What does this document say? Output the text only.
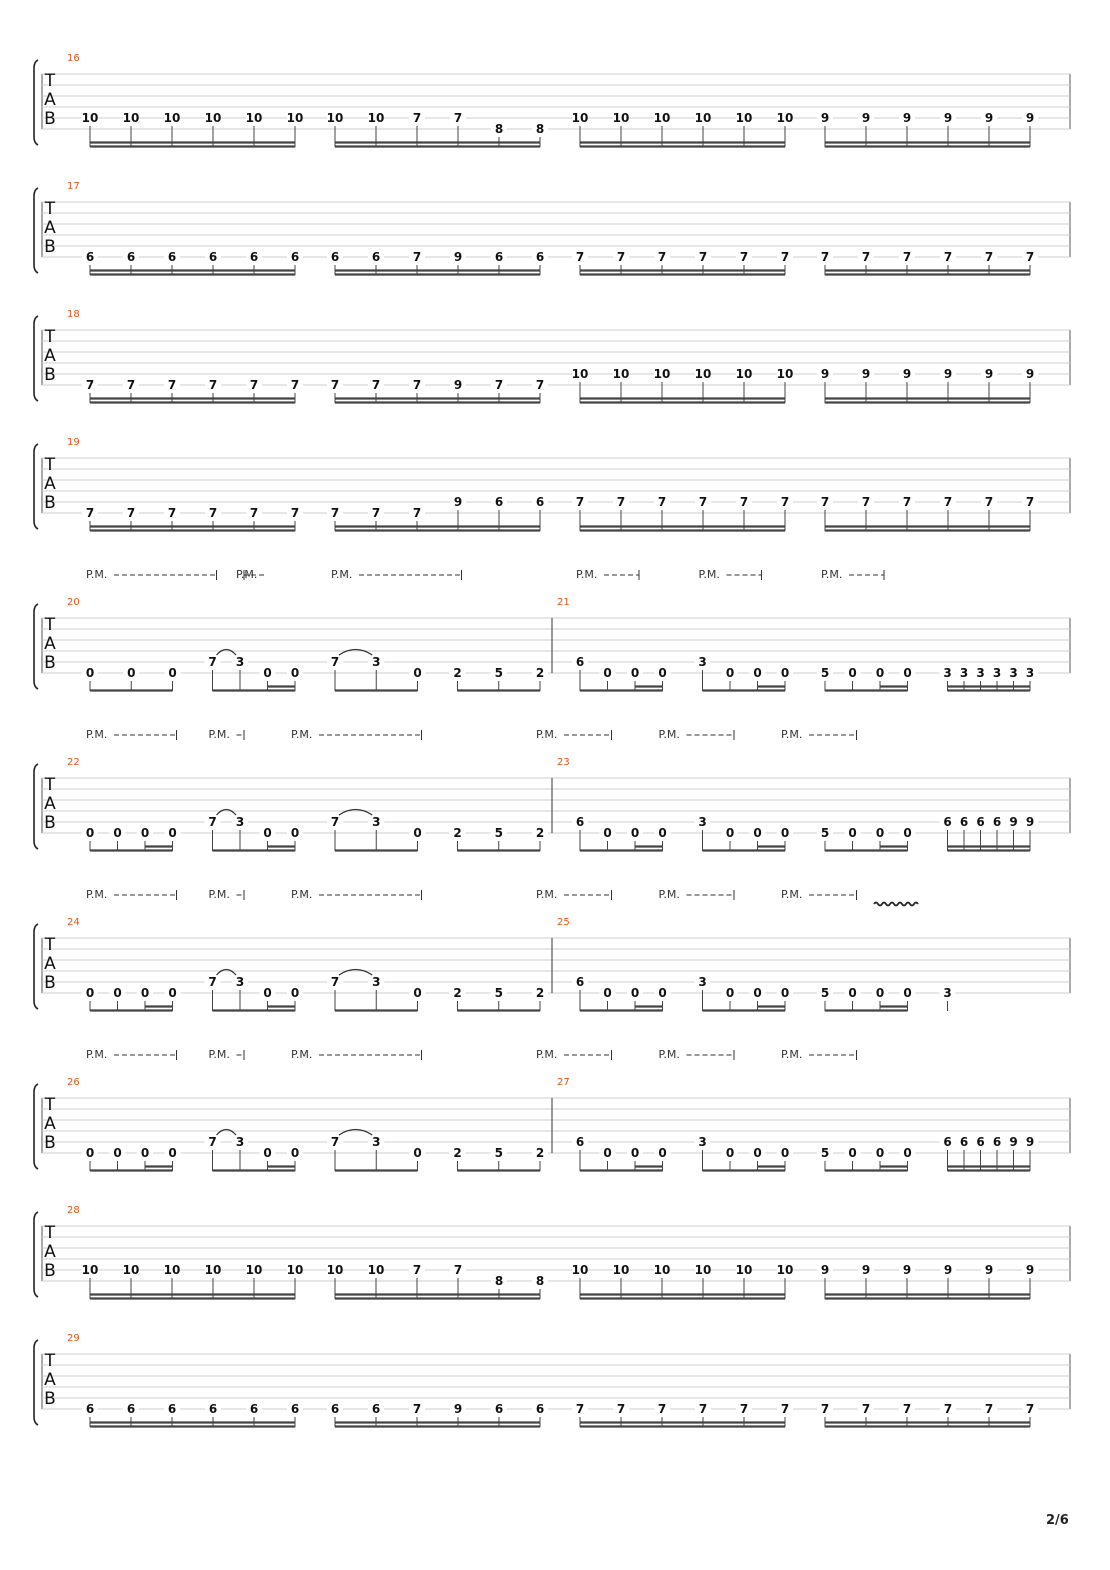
T
A
B
16
10 10 10 10 10 10 10 10 7	7
8	8
10 10 10 10 10 10 9	9	9	9	9	9
T
A
B
17
6	6	6	6	6	6	6	6	7	9	6	6	7	7	7	7	7	7	7	7	7	7	7	7
T
A
B
18
7	7	7	7	7	7	7	7	7	9	7	7
10 10 10 10 10 10 9	9	9	9	9	9
T
A
B
19
7	7	7	7	7	7	7	7	7
9	6	6	7	7	7	7	7	7	7	7	7	7	7	7
T
A
B
20
0	0	0
7 3
0 0
7	3
0	2	5	2
21
6
0 0 0
3
0 0 0	5 0 0 0	3 3 3 3 3 3
P.M.	P.M.	P.M.	P.M.	P.M.	P.M.
T
A
B
22
0 0 0 0
7 3
0 0
7	3
0	2	5	2
23
6
0 0 0
3
0 0 0	5 0 0 0
6 6 6 6 9 9
P.M.	P.M.	P.M.	P.M.	P.M.	P.M.
T
A
B
24
0 0 0 0
7 3
0 0
7	3
0	2	5	2
25
6
0 0 0
3
0 0 0	5 0 0 0	3
P.M.	P.M.	P.M.	P.M.	P.M.	P.M.
T
A
B
26
0 0 0 0
7 3
0 0
7	3
0	2	5	2
27
6
0 0 0
3
0 0 0	5 0 0 0
6 6 6 6 9 9
P.M.	P.M.	P.M.	P.M.	P.M.	P.M.
T
A
B
28
10 10 10 10 10 10 10 10 7	7
8	8
10 10 10 10 10 10 9	9	9	9	9	9
T
A
B
29
6	6	6	6	6	6	6	6	7	9	6	6	7	7	7	7	7	7	7	7	7	7	7	7
2/6
